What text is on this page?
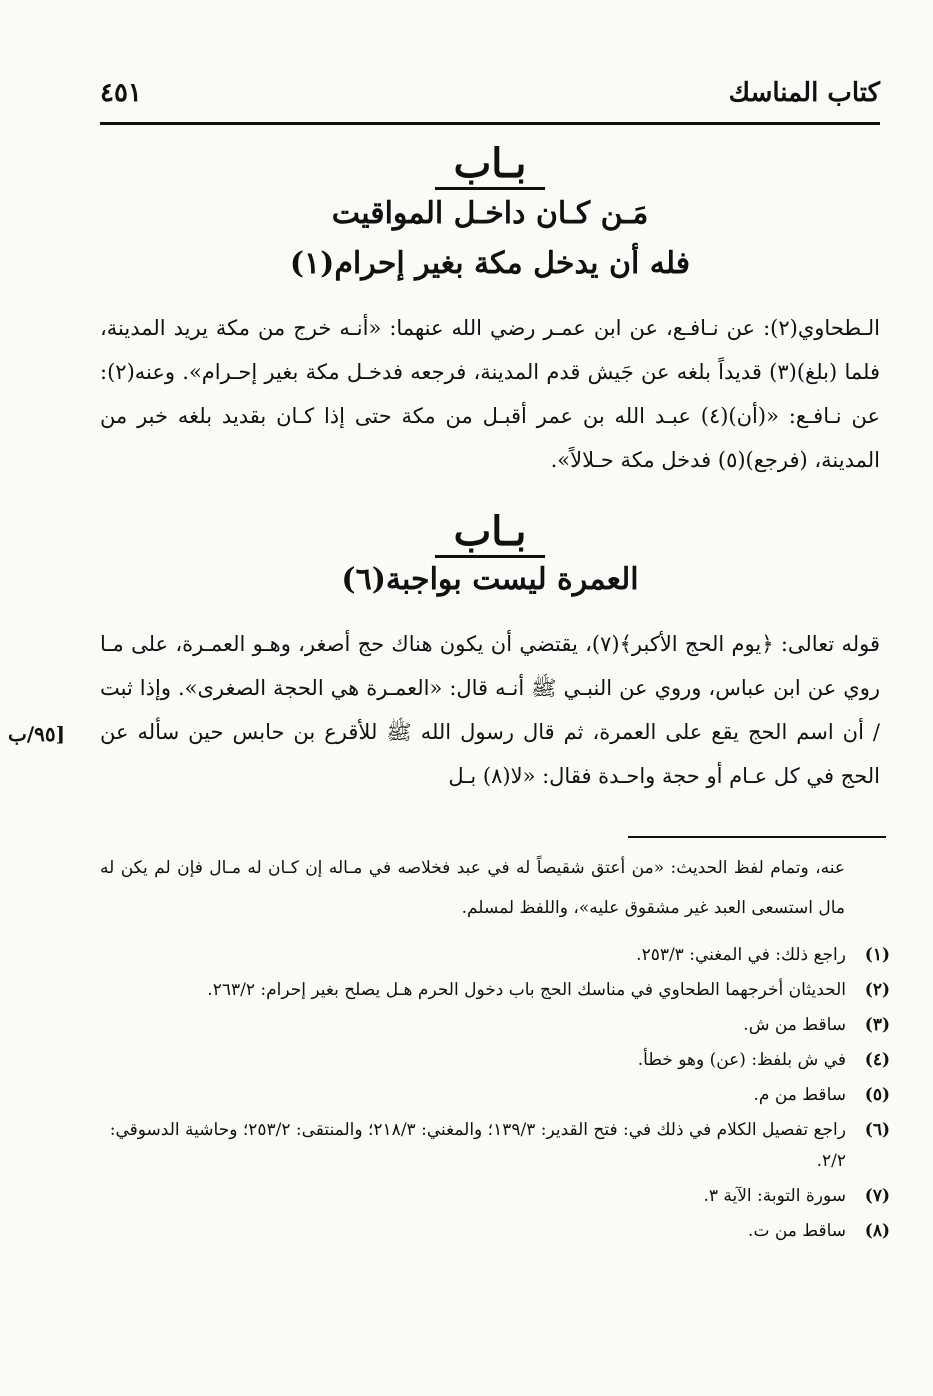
كتاب المناسك
٤٥١
بـاب
مَـن كـان داخـل المواقيت
فله أن يدخل مكة بغير إحرام(١)
الـطحاوي(٢): عن نـافـع، عن ابن عمـر رضي الله عنهما: «أنـه خرج من مكة يريد المدينة، فلما (بلغ)(٣) قديداً بلغه عن جَيش قدم المدينة، فرجعه فدخـل مكة بغير إحـرام». وعنه(٢): عن نـافـع: «(أن)(٤) عبـد الله بن عمر أقبـل من مكة حتى إذا كـان بقديد بلغه خبر من المدينة، (فرجع)(٥) فدخل مكة حـلالاً».
بـاب
العمرة ليست بواجبة(٦)
قوله تعالى: ﴿يوم الحج الأكبر﴾(٧)، يقتضي أن يكون هناك حج أصغر، وهـو العمـرة، على مـا روي عن ابن عباس، وروي عن النبـي ﷺ أنـه قال: «العمـرة هي الحجة الصغرى». وإذا ثبت / أن اسم الحج يقع على العمرة، ثم قال رسول الله ﷺ للأقرع بن حابس حين سأله عن الحج في كل عـام أو حجة واحـدة فقال: «لا(٨) بـل
[٩٥/ب
عنه، وتمام لفظ الحديث: «من أعتق شقيصاً له في عبد فخلاصه في مـاله إن كـان له مـال فإن لم يكن له مال استسعى العبد غير مشقوق عليه»، واللفظ لمسلم.
(١)
راجع ذلك: في المغني: ٢٥٣/٣.
(٢)
الحديثان أخرجهما الطحاوي في مناسك الحج باب دخول الحرم هـل يصلح بغير إحرام: ٢٦٣/٢.
(٣)
ساقط من ش.
(٤)
في ش بلفظ: (عن) وهو خطأ.
(٥)
ساقط من م.
(٦)
راجع تفصيل الكلام في ذلك في: فتح القدير: ١٣٩/٣؛ والمغني: ٢١٨/٣؛ والمنتقى: ٢٥٣/٢؛ وحاشية الدسوقي: ٢/٢.
(٧)
سورة التوبة: الآية ٣.
(٨)
ساقط من ت.
